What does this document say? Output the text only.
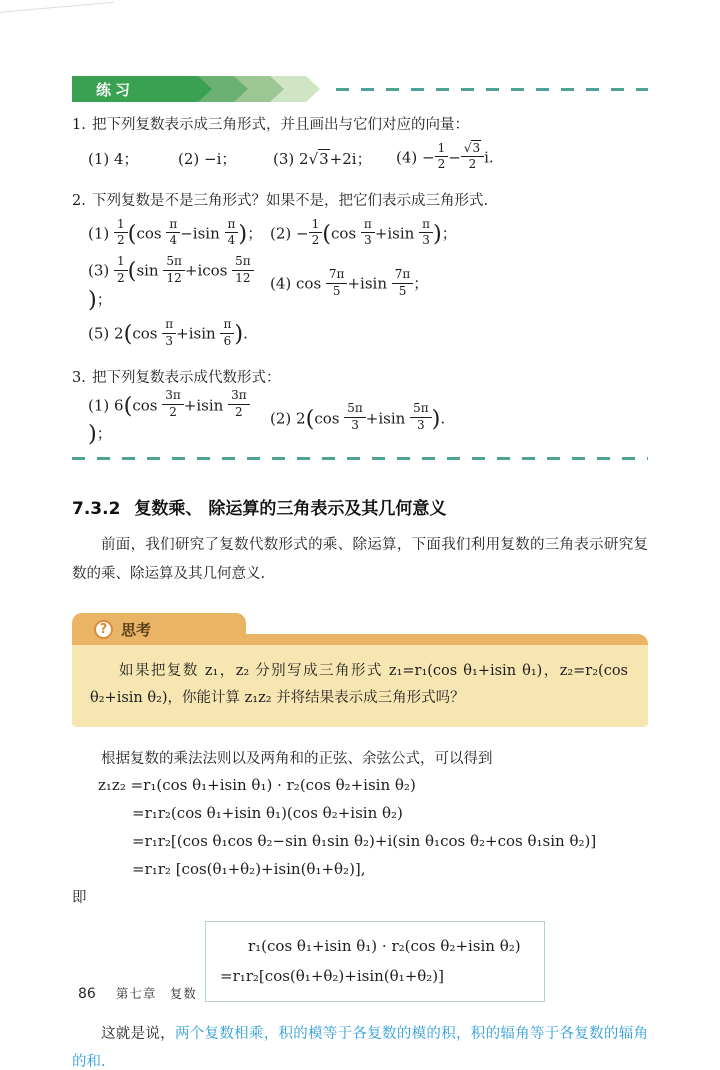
练习
1. 把下列复数表示成三角形式，并且画出与它们对应的向量：
(1) 4；	(2) −i；	(3) 2√3+2i；	$(4) - \frac{1}{2} - \frac{√3}{2} i$.
2. 下列复数是不是三角形式？如果不是，把它们表示成三角形式.
$(1) \frac{1}{2} (\cos \frac{\pi}{4} -isin \frac{\pi}{4}$ )； $(2) - \frac{1}{2} (\cos \frac{\pi}{3} +isin \frac{\pi}{3}$ )；
$(3) \frac{1}{2} (\sin \frac{5\pi}{12} +icos \frac{5\pi}{12}$
)；
(4) $\cos \frac{7\pi}{5} +isin \frac{7\pi}{5}$ ；
(5) $2(\cos \frac{\pi}{3} +isin \frac{\pi}{6}$ ).
3. 把下列复数表示成代数形式：
(1) $6(\cos \frac{3\pi}{2} +isin \frac{3\pi}{2}$
)；
(2) $2(\cos \frac{5\pi}{3} +isin \frac{5\pi}{3}$ ).
7.3.2 复数乘、 除运算的三角表示及其几何意义

前面，我们研究了复数代数形式的乘、除运算，下面我们利用复数的三角表示研究复数的乘、除运算及其几何意义.

? 思考
如果把复数 z₁，z₂ 分别写成三角形式 z₁=r₁(cos θ₁+isin θ₁)，z₂=r₂(cos θ₂+isin θ₂)，你能计算 z₁z₂ 并将结果表示成三角形式吗？

根据复数的乘法法则以及两角和的正弦、余弦公式，可以得到

z₁z₂ =r₁(cos θ₁+isin θ₁) · r₂(cos θ₂+isin θ₂)
=r₁r₂(cos θ₁+isin θ₁)(cos θ₂+isin θ₂)
=r₁r₂[(cos θ₁cos θ₂−sin θ₁sin θ₂)+i(sin θ₁cos θ₂+cos θ₁sin θ₂)]
=r₁r₂ [cos(θ₁+θ₂)+isin(θ₁+θ₂)],
即
r₁(cos θ₁+isin θ₁) · r₂(cos θ₂+isin θ₂)
=r₁r₂[cos(θ₁+θ₂)+isin(θ₁+θ₂)]

这就是说，两个复数相乘，积的模等于各复数的模的积，积的辐角等于各复数的辐角的和.

86 第七章　复数
